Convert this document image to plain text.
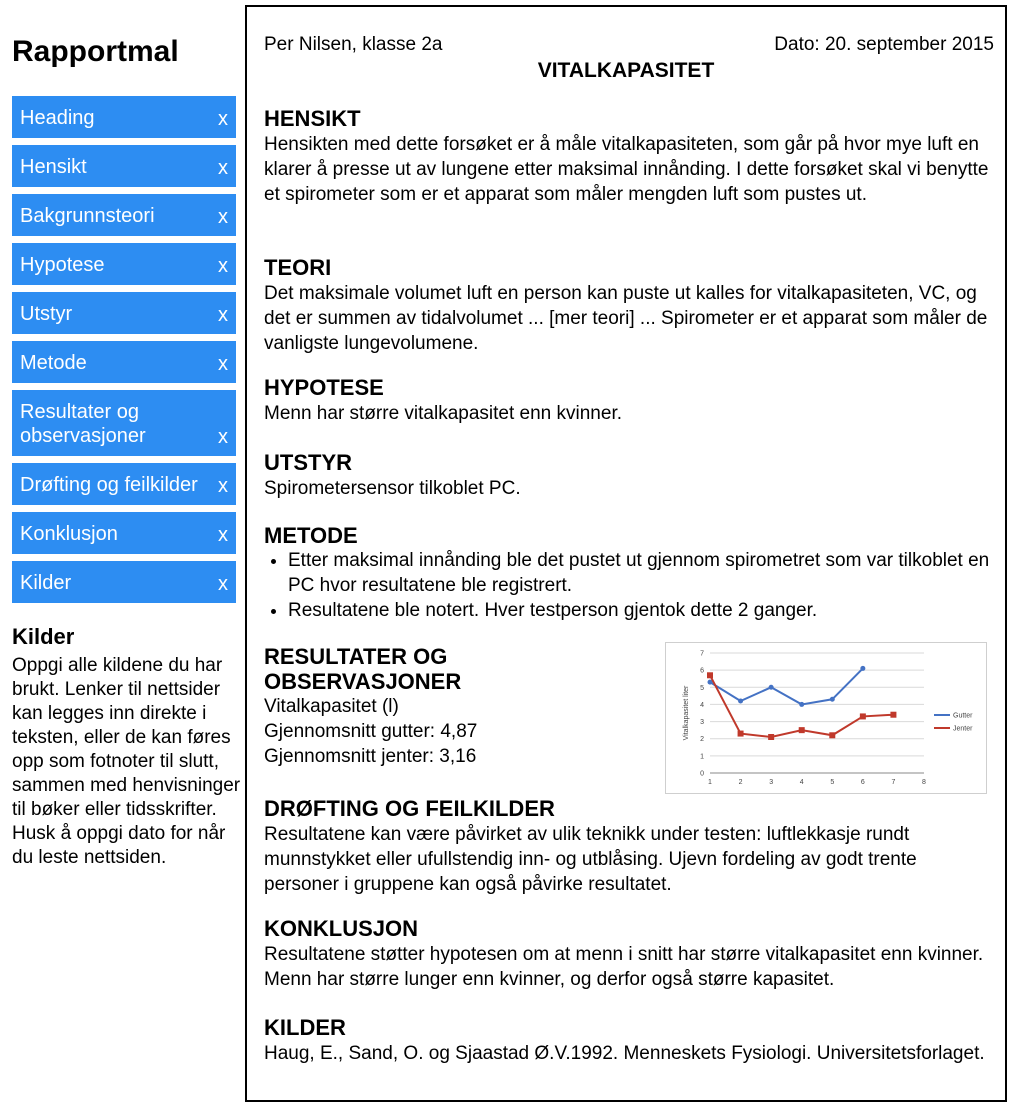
Rapportmal
Heading	x
Hensikt	x
Bakgrunnsteori	x
Hypotese	x
Utstyr	x
Metode	x
Resultater og observasjoner	x
Drøfting og feilkilder x
Konklusjon	x
Kilder	x
Kilder

Oppgi alle kildene du har brukt. Lenker til nettsider kan legges inn direkte i teksten, eller de kan føres opp som fotnoter til slutt, sammen med henvisninger til bøker eller tidsskrifter. Husk å oppgi dato for når du leste nettsiden.

Per Nilsen, klasse 2a	Dato: 20. september 2015
VITALKAPASITET
HENSIKT

Hensikten med dette forsøket er å måle vitalkapasiteten, som går på hvor mye luft en klarer å presse ut av lungene etter maksimal innånding. I dette forsøket skal vi benytte et spirometer som er et apparat som måler mengden luft som pustes ut.

TEORI

Det maksimale volumet luft en person kan puste ut kalles for vitalkapasiteten, VC, og det er summen av tidalvolumet ... [mer teori] ... Spirometer er et apparat som måler de vanligste lungevolumene.

HYPOTESE

Menn har større vitalkapasitet enn kvinner.

UTSTYR

Spirometersensor tilkoblet PC.

METODE
• Etter maksimal innånding ble det pustet ut gjennom spirometret som var tilkoblet en PC hvor resultatene ble registrert.
• Resultatene ble notert. Hver testperson gjentok dette 2 ganger.
RESULTATER OG OBSERVASJONER
Vitalkapasitet (l)
Gjennomsnitt gutter: 4,87
Gjennomsnitt jenter: 3,16
0
1
2
3
4
5
6
7
1	2	3	4	5	6	7	8
Vitalkapasitet liter	Gutter
Jenter
DRØFTING OG FEILKILDER

Resultatene kan være påvirket av ulik teknikk under testen: luftlekkasje rundt munnstykket eller ufullstendig inn- og utblåsing. Ujevn fordeling av godt trente personer i gruppene kan også påvirke resultatet.

KONKLUSJON

Resultatene støtter hypotesen om at menn i snitt har større vitalkapasitet enn kvinner. Menn har større lunger enn kvinner, og derfor også større kapasitet.

KILDER

Haug, E., Sand, O. og Sjaastad Ø.V.1992. Menneskets Fysiologi. Universitetsforlaget.
